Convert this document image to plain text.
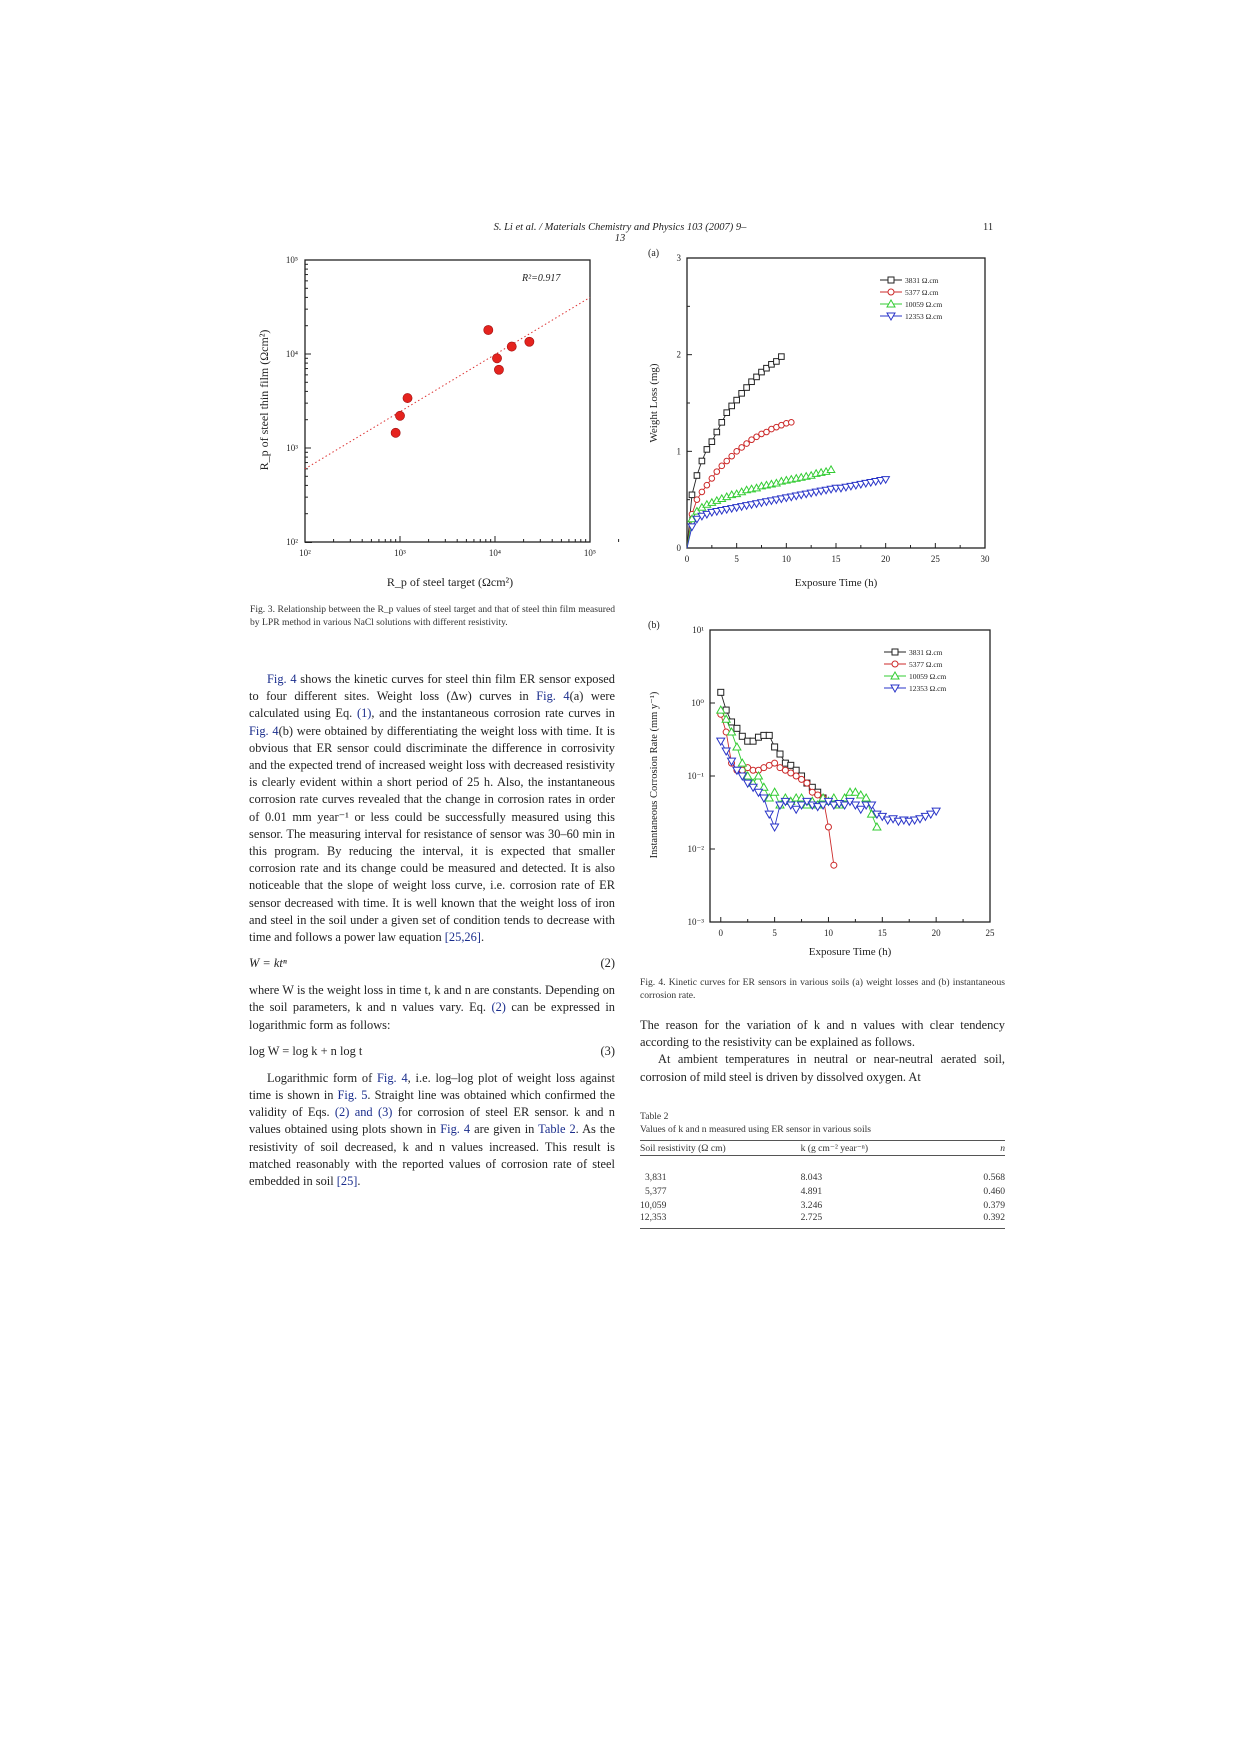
S. Li et al. / Materials Chemistry and Physics 103 (2007) 9–13
11
10²
10²
10³
10³
10⁴
10⁴
10⁵
10⁵
R²=0.917
R_p of steel target (Ωcm²)
R_p of steel thin film (Ωcm²)
Fig. 3. Relationship between the R_p values of steel target and that of steel thin film measured by LPR method in various NaCl solutions with different resistivity.
(a)
0	5	10	15	20	25	30
0
1
2
3
3831 Ω.cm
5377 Ω.cm
10059 Ω.cm
12353 Ω.cm
Exposure Time (h)
Weight Loss (mg)
(b)
0	5	10	15	20	25
10⁻³
10⁻²
10⁻¹
10⁰
10¹
3831 Ω.cm
5377 Ω.cm
10059 Ω.cm
12353 Ω.cm
Exposure Time (h)
Instantaneous Corrosion Rate (mm y⁻¹)
Fig. 4. Kinetic curves for ER sensors in various soils (a) weight losses and (b) instantaneous corrosion rate.

Fig. 4 shows the kinetic curves for steel thin film ER sensor exposed to four different sites. Weight loss (Δw) curves in Fig. 4(a) were calculated using Eq. (1), and the instantaneous corrosion rate curves in Fig. 4(b) were obtained by differentiating the weight loss with time. It is obvious that ER sensor could discriminate the difference in corrosivity and the expected trend of increased weight loss with decreased resistivity is clearly evident within a short period of 25 h. Also, the instantaneous corrosion rate curves revealed that the change in corrosion rates in order of 0.01 mm year⁻¹ or less could be successfully measured using this sensor. The measuring interval for resistance of sensor was 30–60 min in this program. By reducing the interval, it is expected that smaller corrosion rate and its change could be measured and detected. It is also noticeable that the slope of weight loss curve, i.e. corrosion rate of ER sensor decreased with time. It is well known that the weight loss of iron and steel in the soil under a given set of condition tends to decrease with time and follows a power law equation [25,26].

W = ktⁿ	(2)

where W is the weight loss in time t, k and n are constants. Depending on the soil parameters, k and n values vary. Eq. (2) can be expressed in logarithmic form as follows:

log W = log k + n log t	(3)

Logarithmic form of Fig. 4, i.e. log–log plot of weight loss against time is shown in Fig. 5. Straight line was obtained which confirmed the validity of Eqs. (2) and (3) for corrosion of steel ER sensor. k and n values obtained using plots shown in Fig. 4 are given in Table 2. As the resistivity of soil decreased, k and n values increased. This result is matched reasonably with the reported values of corrosion rate of steel embedded in soil [25].

The reason for the variation of k and n values with clear tendency according to the resistivity can be explained as follows.

At ambient temperatures in neutral or near-neutral aerated soil, corrosion of mild steel is driven by dissolved oxygen. At

Table 2
Values of k and n measured using ER sensor in various soils
Soil resistivity (Ω cm)	k (g cm⁻² year⁻ⁿ)	n

3,831	8.043	0.568
5,377	4.891	0.460
10,059	3.246	0.379
12,353	2.725	0.392
